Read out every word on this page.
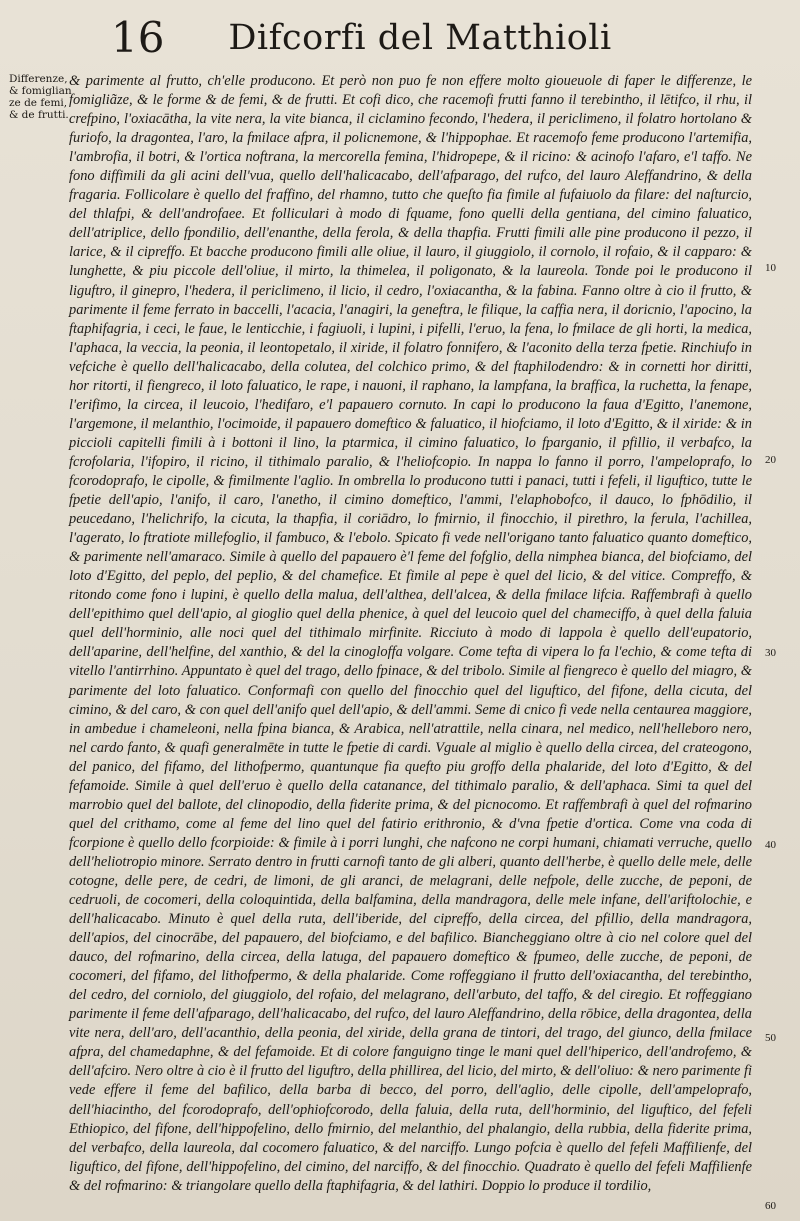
16	Difcorfi del Matthioli
Differenze,
& fomiglian
ze de femi,
& de frutti.

& parimente al frutto, ch'elle producono. Et però non puo fe non effere molto gioueuole di faper le differenze, le fomigliãze, & le forme & de femi, & de frutti. Et cofi dico, che racemofi frutti fanno il terebintho, il lētifco, il rhu, il crefpino, l'oxiacātha, la vite nera, la vite bianca, il ciclamino fecondo, l'hedera, il periclimeno, il folatro hortolano & furiofo, la dragontea, l'aro, la fmilace afpra, il policnemone, & l'hippophae. Et racemofo feme producono l'artemifia, l'ambrofia, il botri, & l'ortica noftrana, la mercorella femina, l'hidropepe, & il ricino: & acinofo l'afaro, e'l taffo. Ne fono diffimili da gli acini dell'vua, quello dell'halicacabo, dell'afparago, del rufco, del lauro Aleffandrino, & della fragaria. Follicolare è quello del fraffino, del rhamno, tutto che queſto fia fimile al fufaiuolo da filare: del naſturcio, del thlafpi, & dell'androfaee. Et folliculari à modo di fquame, fono quelli della gentiana, del cimino faluatico, dell'atriplice, dello fpondilio, dell'enanthe, della ferola, & della thapfia. Frutti fimili alle pine producono il pezzo, il larice, & il cipreffo. Et bacche producono fimili alle oliue, il lauro, il giuggiolo, il cornolo, il rofaio, & il capparo: & lunghette, & piu piccole dell'oliue, il mirto, la thimelea, il poligonato, & la laureola. Tonde poi le producono il liguftro, il ginepro, l'hedera, il periclimeno, il licio, il cedro, l'oxiacantha, & la fabina. Fanno oltre à cio il frutto, & parimente il feme ferrato in baccelli, l'acacia, l'anagiri, la geneftra, le filique, la caffia nera, il doricnio, l'apocino, la ftaphifagria, i ceci, le faue, le lenticchie, i fagiuoli, i lupini, i pifelli, l'eruo, la fena, lo fmilace de gli horti, la medica, l'aphaca, la veccia, la peonia, il leontopetalo, il xiride, il folatro fonnifero, & l'aconito della terza fpetie. Rinchiufo in vefciche è quello dell'halicacabo, della colutea, del colchico primo, & del ftaphilodendro: & in cornetti hor diritti, hor ritorti, il fiengreco, il loto faluatico, le rape, i nauoni, il raphano, la lampfana, la braffica, la ruchetta, la fenape, l'erifimo, la circea, il leucoio, l'hedifaro, e'l papauero cornuto. In capi lo producono la faua d'Egitto, l'anemone, l'argemone, il melanthio, l'ocimoide, il papauero domeftico & faluatico, il hiofciamo, il loto d'Egitto, & il xiride: & in piccioli capitelli fimili à i bottoni il lino, la ptarmica, il cimino faluatico, lo fparganio, il pfillio, il verbafco, la fcrofolaria, l'ifopiro, il ricino, il tithimalo paralio, & l'heliofcopio. In nappa lo fanno il porro, l'ampeloprafo, lo fcorodoprafo, le cipolle, & fimilmente l'aglio. In ombrella lo producono tutti i panaci, tutti i fefeli, il liguftico, tutte le fpetie dell'apio, l'anifo, il caro, l'anetho, il cimino domeftico, l'ammi, l'elaphobofco, il dauco, lo fphōdilio, il peucedano, l'helichrifo, la cicuta, la thapfia, il coriādro, lo fmirnio, il finocchio, il pirethro, la ferula, l'achillea, l'agerato, lo ftratiote millefoglio, il fambuco, & l'ebolo. Spicato fi vede nell'origano tanto faluatico quanto domeftico, & parimente nell'amaraco. Simile à quello del papauero è'l feme del fofglio, della nimphea bianca, del biofciamo, del loto d'Egitto, del peplo, del peplio, & del chamefice. Et fimile al pepe è quel del licio, & del vitice. Compreffo, & ritondo come fono i lupini, è quello della malua, dell'althea, dell'alcea, & della fmilace lifcia. Raffembrafi à quello dell'epithimo quel dell'apio, al gioglio quel della phenice, à quel del leucoio quel del chameciffo, à quel della faluia quel dell'horminio, alle noci quel del tithimalo mirfinite. Ricciuto à modo di lappola è quello dell'eupatorio, dell'aparine, dell'helfine, del xanthio, & del la cinogloffa volgare. Come tefta di vipera lo fa l'echio, & come tefta di vitello l'antirrhino. Appuntato è quel del trago, dello fpinace, & del tribolo. Simile al fiengreco è quello del miagro, & parimente del loto faluatico. Conformafi con quello del finocchio quel del liguftico, del fifone, della cicuta, del cimino, & del caro, & con quel dell'anifo quel dell'apio, & dell'ammi. Seme di cnico fi vede nella centaurea maggiore, in ambedue i chameleoni, nella fpina bianca, & Arabica, nell'atrattile, nella cinara, nel medico, nell'helleboro nero, nel cardo fanto, & quafi generalmēte in tutte le fpetie di cardi. Vguale al miglio è quello della circea, del crateogono, del panico, del fifamo, del lithofpermo, quantunque fia quefto piu groffo della phalaride, del loto d'Egitto, & del fefamoide. Simile à quel dell'eruo è quello della catanance, del tithimalo paralio, & dell'aphaca. Simi ta quel del marrobio quel del ballote, del clinopodio, della fiderite prima, & del picnocomo. Et raffembrafi à quel del rofmarino quel del crithamo, come al feme del lino quel del fatirio erithronio, & d'vna fpetie d'ortica. Come vna coda di fcorpione è quello dello fcorpioide: & fimile à i porri lunghi, che nafcono ne corpi humani, chiamati verruche, quello dell'heliotropio minore. Serrato dentro in frutti carnofi tanto de gli alberi, quanto dell'herbe, è quello delle mele, delle cotogne, delle pere, de cedri, de limoni, de gli aranci, de melagrani, delle nefpole, delle zucche, de peponi, de cedruoli, de cocomeri, della coloquintida, della balfamina, della mandragora, delle mele infane, dell'ariftolochie, e dell'halicacabo. Minuto è quel della ruta, dell'iberide, del cipreffo, della circea, del pfillio, della mandragora, dell'apios, del cinocrābe, del papauero, del biofciamo, e del bafilico. Biancheggiano oltre à cio nel colore quel del dauco, del rofmarino, della circea, della latuga, del papauero domeftico & fpumeo, delle zucche, de peponi, de cocomeri, del fifamo, del lithofpermo, & della phalaride. Come roffeggiano il frutto dell'oxiacantha, del terebintho, del cedro, del corniolo, del giuggiolo, del rofaio, del melagrano, dell'arbuto, del taffo, & del ciregio. Et roffeggiano parimente il feme dell'afparago, dell'halicacabo, del rufco, del lauro Aleffandrino, della rōbice, della dragontea, della vite nera, dell'aro, dell'acanthio, della peonia, del xiride, della grana de tintori, del trago, del giunco, della fmilace afpra, del chamedaphne, & del fefamoide. Et di colore fanguigno tinge le mani quel dell'hiperico, dell'androfemo, & dell'afciro. Nero oltre à cio è il frutto del liguftro, della phillirea, del licio, del mirto, & dell'oliuo: & nero parimente fi vede effere il feme del bafilico, della barba di becco, del porro, dell'aglio, delle cipolle, dell'ampeloprafo, dell'hiacintho, del fcorodoprafo, dell'ophiofcorodo, della faluia, della ruta, dell'horminio, del liguftico, del fefeli Ethiopico, del fifone, dell'hippofelino, dello fmirnio, del melanthio, del phalangio, della rubbia, della fiderite prima, del verbafco, della laureola, dal cocomero faluatico, & del narciffo. Lungo pofcia è quello del fefeli Maffilienfe, del liguftico, del fifone, dell'hippofelino, del cimino, del narciffo, & del finocchio. Quadrato è quello del fefeli Maffilienfe & del rofmarino: & triangolare quello della ftaphifagria, & del lathiri. Doppio lo produce il tordilio,

10
20
30
40
50
60
